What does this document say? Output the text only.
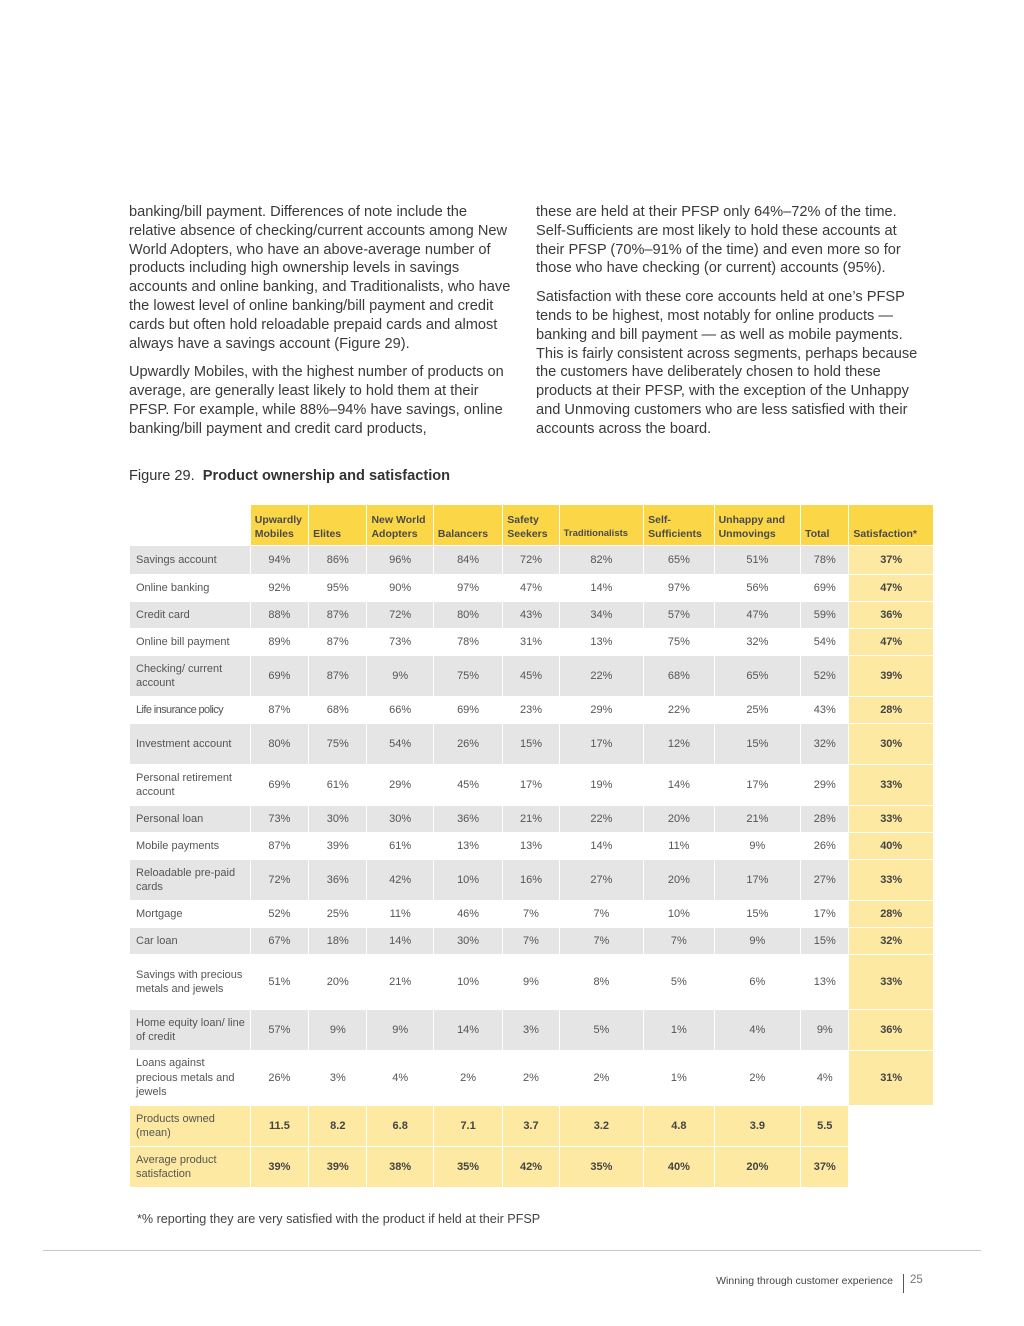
banking/bill payment. Differences of note include the relative absence of checking/current accounts among New World Adopters, who have an above-average number of products including high ownership levels in savings accounts and online banking, and Traditionalists, who have the lowest level of online banking/bill payment and credit cards but often hold reloadable prepaid cards and almost always have a savings account (Figure 29).

Upwardly Mobiles, with the highest number of products on average, are generally least likely to hold them at their PFSP. For example, while 88%–94% have savings, online banking/bill payment and credit card products,

these are held at their PFSP only 64%–72% of the time. Self-Sufficients are most likely to hold these accounts at their PFSP (70%–91% of the time) and even more so for those who have checking (or current) accounts (95%).

Satisfaction with these core accounts held at one’s PFSP tends to be highest, most notably for online products — banking and bill payment — as well as mobile payments. This is fairly consistent across segments, perhaps because the customers have deliberately chosen to hold these products at their PFSP, with the exception of the Unhappy and Unmoving customers who are less satisfied with their accounts across the board.

Figure 29. Product ownership and satisfaction
	Upwardly Mobiles	Elites	New World Adopters	Balancers	Safety Seekers	Traditionalists	Self-Sufficients	Unhappy and Unmovings	Total	Satisfaction*
Savings account	94%	86%	96%	84%	72%	82%	65%	51%	78%	37%
Online banking	92%	95%	90%	97%	47%	14%	97%	56%	69%	47%
Credit card	88%	87%	72%	80%	43%	34%	57%	47%	59%	36%
Online bill payment	89%	87%	73%	78%	31%	13%	75%	32%	54%	47%
Checking/ current account	69%	87%	9%	75%	45%	22%	68%	65%	52%	39%
Life insurance policy	87%	68%	66%	69%	23%	29%	22%	25%	43%	28%
Investment account	80%	75%	54%	26%	15%	17%	12%	15%	32%	30%
Personal retirement account	69%	61%	29%	45%	17%	19%	14%	17%	29%	33%
Personal loan	73%	30%	30%	36%	21%	22%	20%	21%	28%	33%
Mobile payments	87%	39%	61%	13%	13%	14%	11%	9%	26%	40%
Reloadable pre-paid cards	72%	36%	42%	10%	16%	27%	20%	17%	27%	33%
Mortgage	52%	25%	11%	46%	7%	7%	10%	15%	17%	28%
Car loan	67%	18%	14%	30%	7%	7%	7%	9%	15%	32%
Savings with precious metals and jewels	51%	20%	21%	10%	9%	8%	5%	6%	13%	33%
Home equity loan/ line of credit	57%	9%	9%	14%	3%	5%	1%	4%	9%	36%
Loans against precious metals and jewels	26%	3%	4%	2%	2%	2%	1%	2%	4%	31%
Products owned (mean)	11.5	8.2	6.8	7.1	3.7	3.2	4.8	3.9	5.5	
Average product satisfaction	39%	39%	38%	35%	42%	35%	40%	20%	37%	
*% reporting they are very satisfied with the product if held at their PFSP
Winning through customer experience 25
